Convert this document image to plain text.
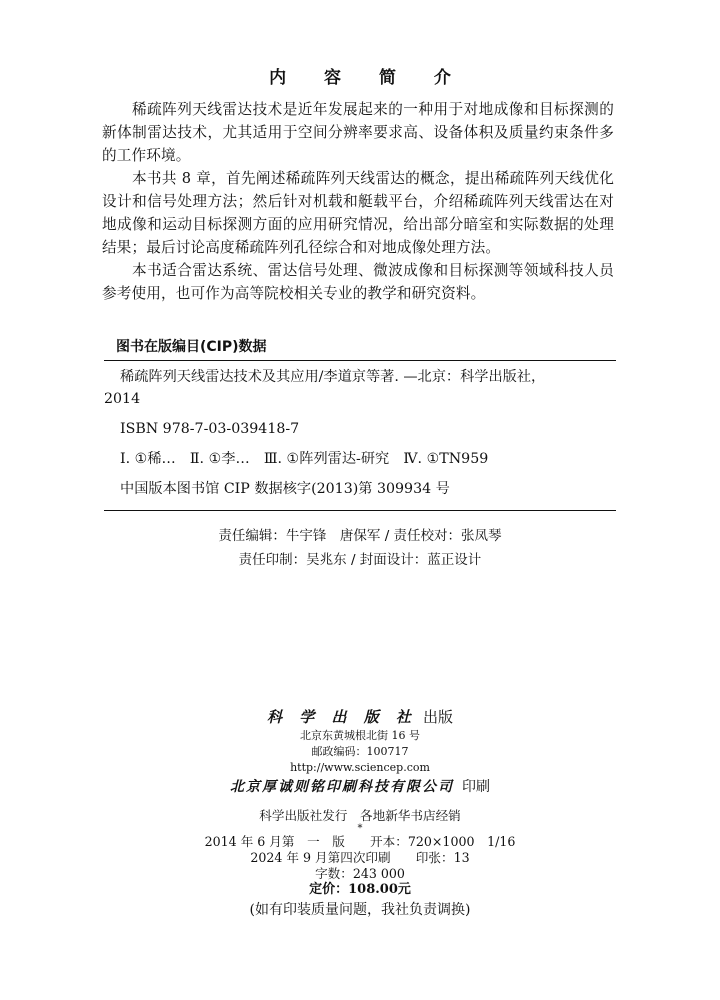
内 容 简 介

稀疏阵列天线雷达技术是近年发展起来的一种用于对地成像和目标探测的新体制雷达技术，尤其适用于空间分辨率要求高、设备体积及质量约束条件多的工作环境。

本书共 8 章，首先阐述稀疏阵列天线雷达的概念，提出稀疏阵列天线优化设计和信号处理方法；然后针对机载和艇载平台，介绍稀疏阵列天线雷达在对地成像和运动目标探测方面的应用研究情况，给出部分暗室和实际数据的处理结果；最后讨论高度稀疏阵列孔径综合和对地成像处理方法。

本书适合雷达系统、雷达信号处理、微波成像和目标探测等领域科技人员参考使用，也可作为高等院校相关专业的教学和研究资料。

图书在版编目(CIP)数据
稀疏阵列天线雷达技术及其应用/李道京等著. —北京：科学出版社，
2014
ISBN 978-7-03-039418-7
Ⅰ. ①稀…　Ⅱ. ①李…　Ⅲ. ①阵列雷达-研究　Ⅳ. ①TN959
中国版本图书馆 CIP 数据核字(2013)第 309934 号
责任编辑：牛宇锋　唐保军 / 责任校对：张凤琴
责任印制：吴兆东 / 封面设计：蓝正设计
科 学 出 版 社 出版
北京东黄城根北街 16 号
邮政编码：100717
http://www.sciencep.com
北京厚诚则铭印刷科技有限公司 印刷
科学出版社发行　各地新华书店经销
*
2014 年 6 月第　一　版　　开本：720×1000　1/16
2024 年 9 月第四次印刷　　印张：13
字数：243 000
定价：108.00元
(如有印装质量问题，我社负责调换)
